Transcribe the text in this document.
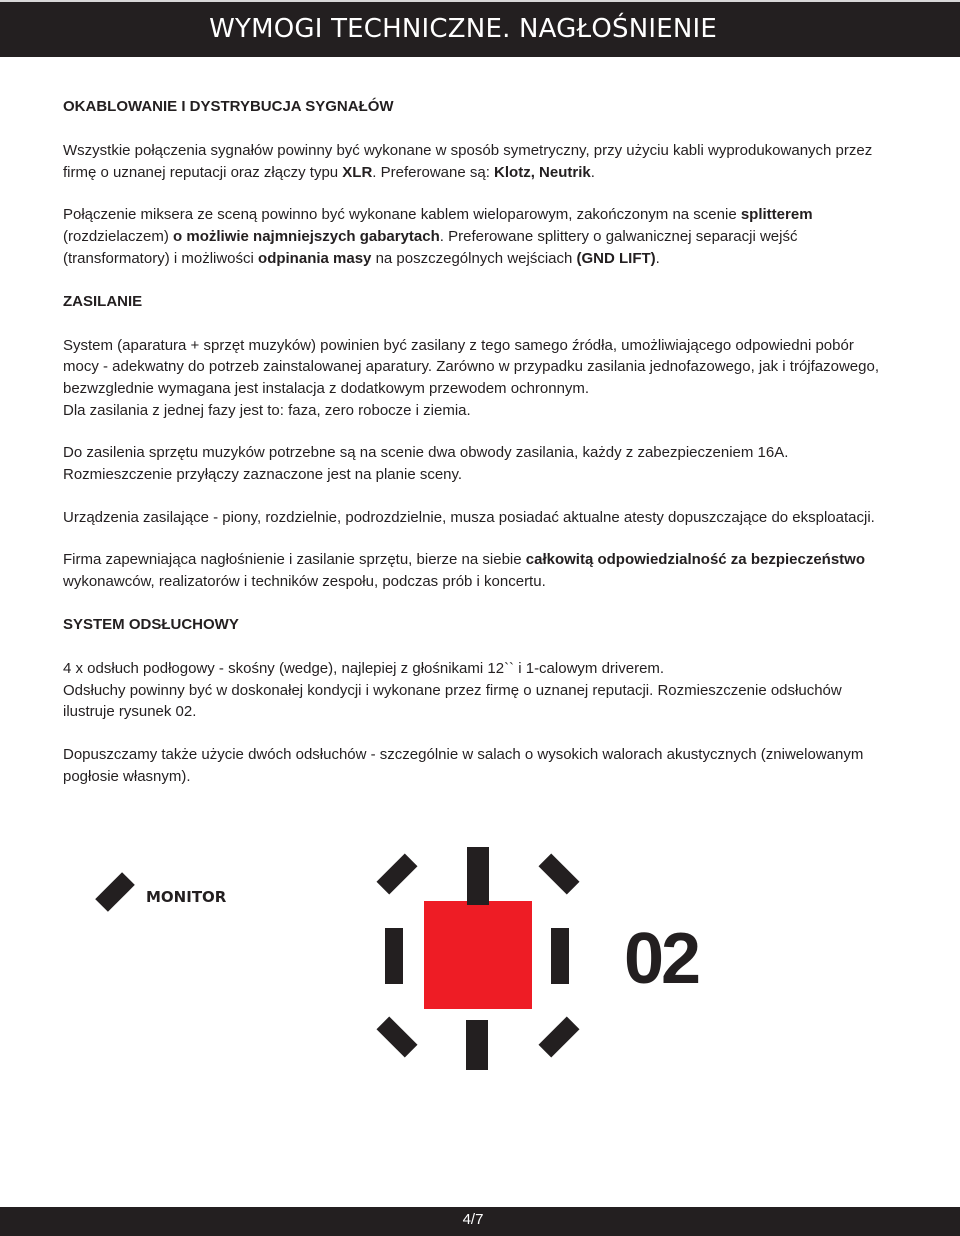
WYMOGI TECHNICZNE. NAGŁOŚNIENIE
OKABLOWANIE I DYSTRYBUCJA SYGNAŁÓW

Wszystkie połączenia sygnałów powinny być wykonane w sposób symetryczny, przy użyciu kabli wyprodukowanych przez firmę o uznanej reputacji oraz złączy typu XLR. Preferowane są: Klotz, Neutrik.

Połączenie miksera ze sceną powinno być wykonane kablem wieloparowym, zakończonym na scenie splitterem (rozdzielaczem) o możliwie najmniejszych gabarytach. Preferowane splittery o galwanicznej separacji wejść (transformatory) i możliwości odpinania masy na poszczególnych wejściach (GND LIFT).

ZASILANIE

System (aparatura + sprzęt muzyków) powinien być zasilany z tego samego źródła, umożliwiającego odpowiedni pobór mocy - adekwatny do potrzeb zainstalowanej aparatury. Zarówno w przypadku zasilania jednofazowego, jak i trójfazowego, bezwzglednie wymagana jest instalacja z dodatkowym przewodem ochronnym.
Dla zasilania z jednej fazy jest to: faza, zero robocze i ziemia.

Do zasilenia sprzętu muzyków potrzebne są na scenie dwa obwody zasilania, każdy z zabezpieczeniem 16A.
Rozmieszczenie przyłączy zaznaczone jest na planie sceny.

Urządzenia zasilające - piony, rozdzielnie, podrozdzielnie, musza posiadać aktualne atesty dopuszczające do eksploatacji.

Firma zapewniająca nagłośnienie i zasilanie sprzętu, bierze na siebie całkowitą odpowiedzialność za bezpieczeństwo wykonawców, realizatorów i techników zespołu, podczas prób i koncertu.

SYSTEM ODSŁUCHOWY

4 x odsłuch podłogowy - skośny (wedge), najlepiej z głośnikami 12`` i 1-calowym driverem.
Odsłuchy powinny być w doskonałej kondycji i wykonane przez firmę o uznanej reputacji. Rozmieszczenie odsłuchów ilustruje rysunek 02.

Dopuszczamy także użycie dwóch odsłuchów - szczególnie w salach o wysokich walorach akustycznych (zniwelowanym pogłosie własnym).

MONITOR
02
4/7
